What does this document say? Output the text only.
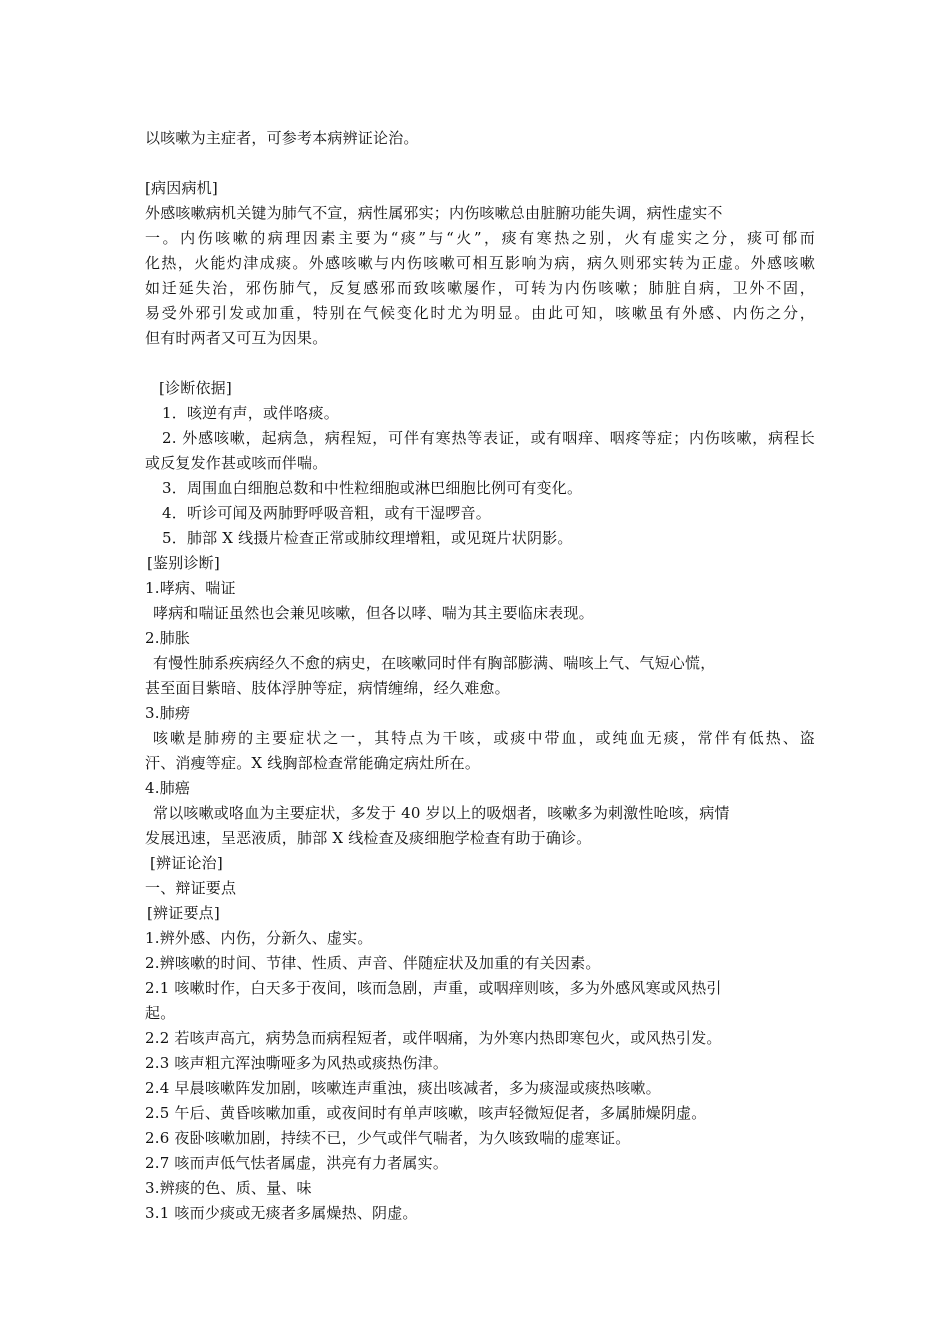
以咳嗽为主症者，可参考本病辨证论治。
[病因病机]
外感咳嗽病机关键为肺气不宣，病性属邪实；内伤咳嗽总由脏腑功能失调，病性虚实不
一。内伤咳嗽的病理因素主要为“痰”与“火”，痰有寒热之别，火有虚实之分，痰可郁而
化热，火能灼津成痰。外感咳嗽与内伤咳嗽可相互影响为病，病久则邪实转为正虚。外感咳嗽
如迁延失治，邪伤肺气，反复感邪而致咳嗽屡作，可转为内伤咳嗽；肺脏自病，卫外不固，
易受外邪引发或加重，特别在气候变化时尤为明显。由此可知，咳嗽虽有外感、内伤之分，
但有时两者又可互为因果。
[诊断依据]
1．咳逆有声，或伴咯痰。
2. 外感咳嗽，起病急，病程短，可伴有寒热等表证，或有咽痒、咽疼等症；内伤咳嗽，病程长
或反复发作甚或咳而伴喘。
3．周围血白细胞总数和中性粒细胞或淋巴细胞比例可有变化。
4．听诊可闻及两肺野呼吸音粗，或有干湿啰音。
5．肺部 X 线摄片检查正常或肺纹理增粗，或见斑片状阴影。
[鉴别诊断]
1.哮病、喘证
哮病和喘证虽然也会兼见咳嗽，但各以哮、喘为其主要临床表现。
2.肺胀
有慢性肺系疾病经久不愈的病史，在咳嗽同时伴有胸部膨满、喘咳上气、气短心慌，
甚至面目紫暗、肢体浮肿等症，病情缠绵，经久难愈。
3.肺痨
咳嗽是肺痨的主要症状之一，其特点为干咳，或痰中带血，或纯血无痰，常伴有低热、盗
汗、消瘦等症。X 线胸部检查常能确定病灶所在。
4.肺癌
常以咳嗽或咯血为主要症状，多发于 40 岁以上的吸烟者，咳嗽多为刺激性呛咳，病情
发展迅速，呈恶液质，肺部 X 线检查及痰细胞学检查有助于确诊。
[辨证论治]
一、辩证要点
[辨证要点]
1.辨外感、内伤，分新久、虚实。
2.辨咳嗽的时间、节律、性质、声音、伴随症状及加重的有关因素。
2.1 咳嗽时作，白天多于夜间，咳而急剧，声重，或咽痒则咳，多为外感风寒或风热引
起。
2.2 若咳声高亢，病势急而病程短者，或伴咽痛，为外寒内热即寒包火，或风热引发。
2.3 咳声粗亢浑浊嘶哑多为风热或痰热伤津。
2.4 早晨咳嗽阵发加剧，咳嗽连声重浊，痰出咳减者，多为痰湿或痰热咳嗽。
2.5 午后、黄昏咳嗽加重，或夜间时有单声咳嗽，咳声轻微短促者，多属肺燥阴虚。
2.6 夜卧咳嗽加剧，持续不已，少气或伴气喘者，为久咳致喘的虚寒证。
2.7 咳而声低气怯者属虚，洪亮有力者属实。
3.辨痰的色、质、量、味
3.1 咳而少痰或无痰者多属燥热、阴虚。
